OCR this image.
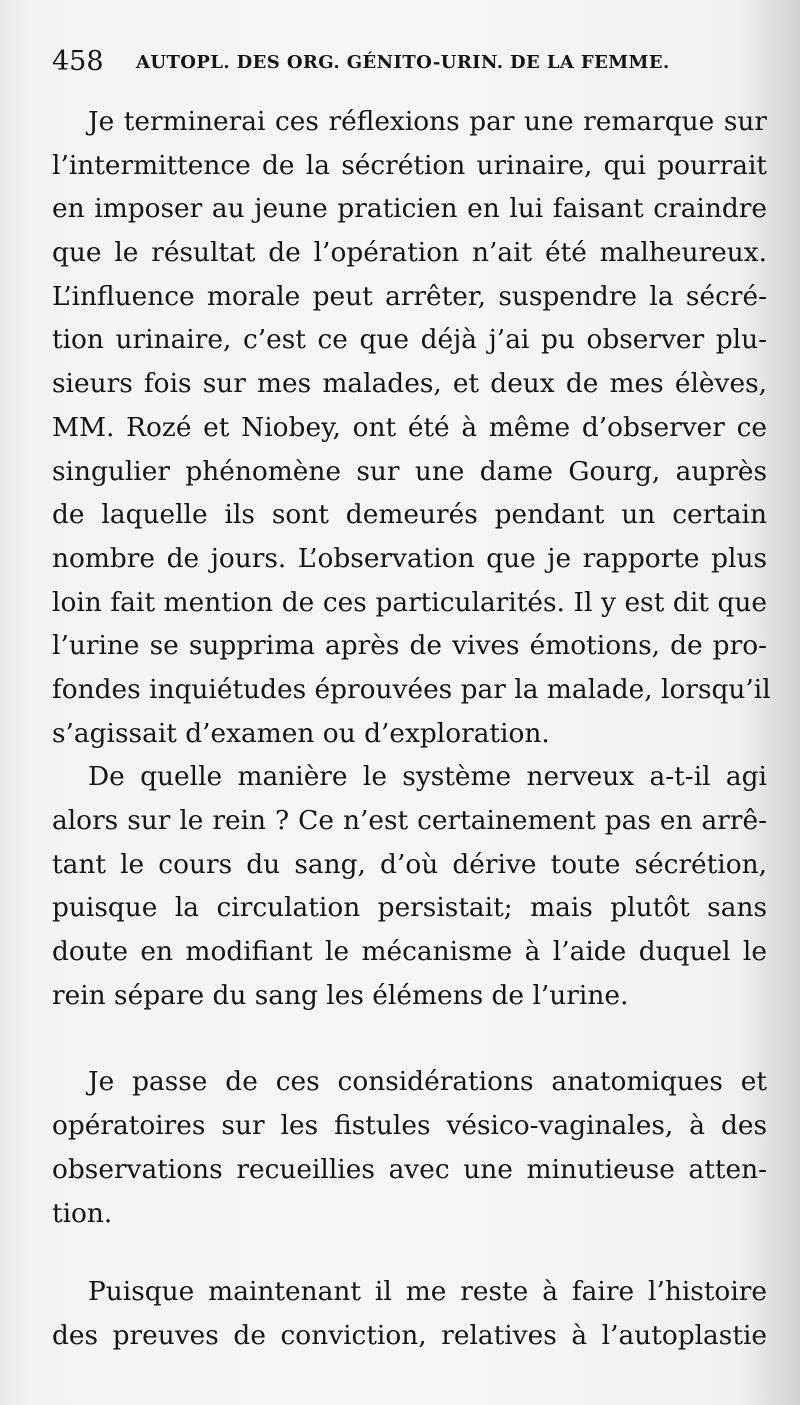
458 AUTOPL. DES ORG. GÉNITO-URIN. DE LA FEMME.
Je terminerai ces réflexions par une remarque sur
l’intermittence de la sécrétion urinaire, qui pourrait
en imposer au jeune praticien en lui faisant craindre
que le résultat de l’opération n’ait été malheureux.
L’influence morale peut arrêter, suspendre la sécré-
tion urinaire, c’est ce que déjà j’ai pu observer plu-
sieurs fois sur mes malades, et deux de mes élèves,
MM. Rozé et Niobey, ont été à même d’observer ce
singulier phénomène sur une dame Gourg, auprès
de laquelle ils sont demeurés pendant un certain
nombre de jours. L’observation que je rapporte plus
loin fait mention de ces particularités. Il y est dit que
l’urine se supprima après de vives émotions, de pro-
fondes inquiétudes éprouvées par la malade, lorsqu’il
s’agissait d’examen ou d’exploration.
De quelle manière le système nerveux a-t-il agi
alors sur le rein ? Ce n’est certainement pas en arrê-
tant le cours du sang, d’où dérive toute sécrétion,
puisque la circulation persistait; mais plutôt sans
doute en modifiant le mécanisme à l’aide duquel le
rein sépare du sang les élémens de l’urine.
Je passe de ces considérations anatomiques et
opératoires sur les fistules vésico-vaginales, à des
observations recueillies avec une minutieuse atten-
tion.
Puisque maintenant il me reste à faire l’histoire
des preuves de conviction, relatives à l’autoplastie
